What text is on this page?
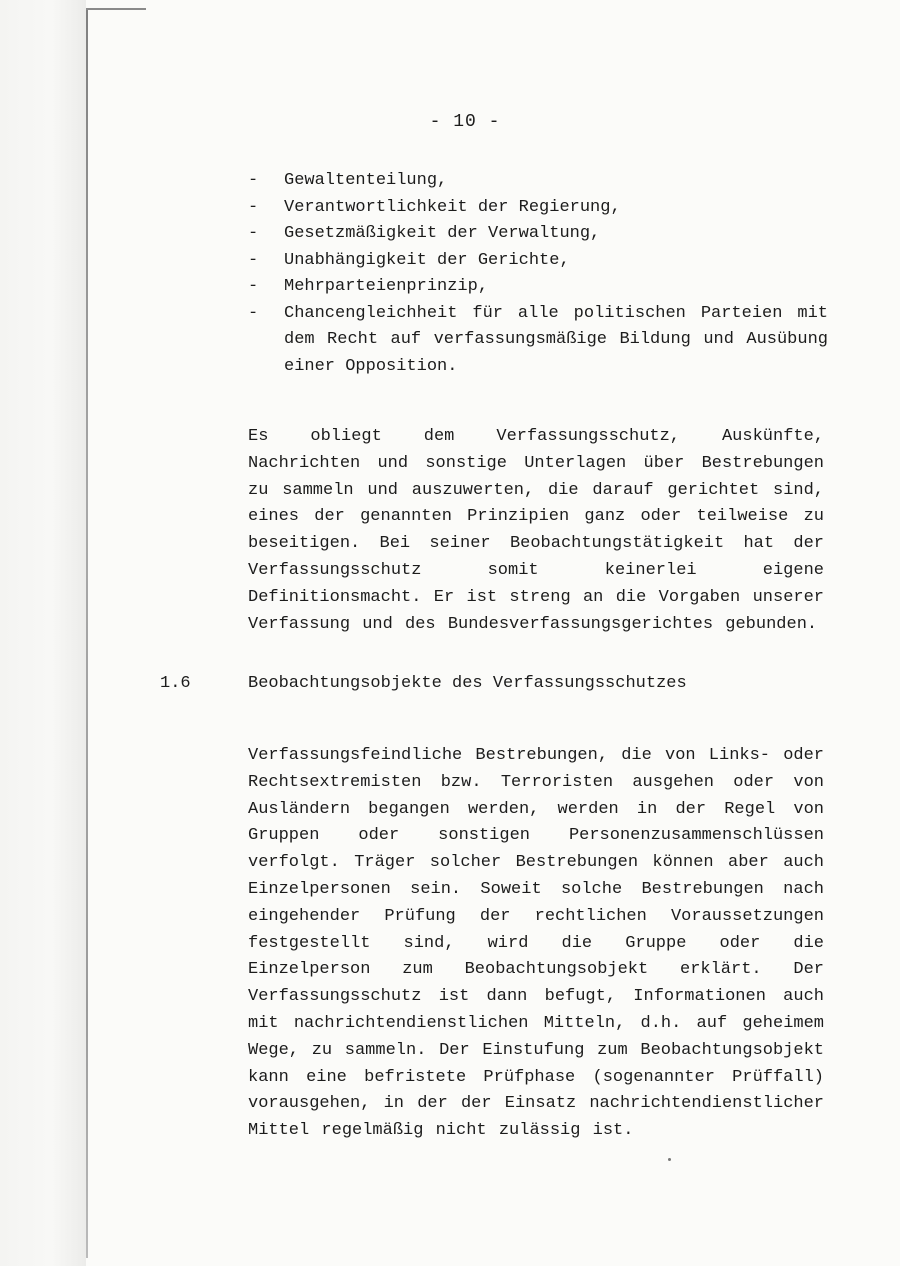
- 10 -
-	Gewaltenteilung,
-	Verantwortlichkeit der Regierung,
-	Gesetzmäßigkeit der Verwaltung,
-	Unabhängigkeit der Gerichte,
-	Mehrparteienprinzip,
-	Chancengleichheit für alle politischen Parteien mit dem Recht auf verfassungsmäßige Bildung und Ausübung einer Opposition.

Es obliegt dem Verfassungsschutz, Auskünfte, Nachrichten und sonstige Unterlagen über Bestrebungen zu sammeln und auszuwerten, die darauf gerichtet sind, eines der genannten Prinzipien ganz oder teilweise zu beseitigen. Bei seiner Beobachtungstätigkeit hat der Verfassungsschutz somit keinerlei eigene Definitionsmacht. Er ist streng an die Vorgaben unserer Verfassung und des Bundesverfassungsgerichtes gebunden.

1.6	Beobachtungsobjekte des Verfassungsschutzes

Verfassungsfeindliche Bestrebungen, die von Links- oder Rechtsextremisten bzw. Terroristen ausgehen oder von Ausländern begangen werden, werden in der Regel von Gruppen oder sonstigen Personenzusammenschlüssen verfolgt. Träger solcher Bestrebungen können aber auch Einzelpersonen sein. Soweit solche Bestrebungen nach eingehender Prüfung der rechtlichen Voraussetzungen festgestellt sind, wird die Gruppe oder die Einzelperson zum Beobachtungsobjekt erklärt. Der Verfassungsschutz ist dann befugt, Informationen auch mit nachrichtendienstlichen Mitteln, d.h. auf geheimem Wege, zu sammeln. Der Einstufung zum Beobachtungsobjekt kann eine befristete Prüfphase (sogenannter Prüffall) vorausgehen, in der der Einsatz nachrichtendienstlicher Mittel regelmäßig nicht zulässig ist.
